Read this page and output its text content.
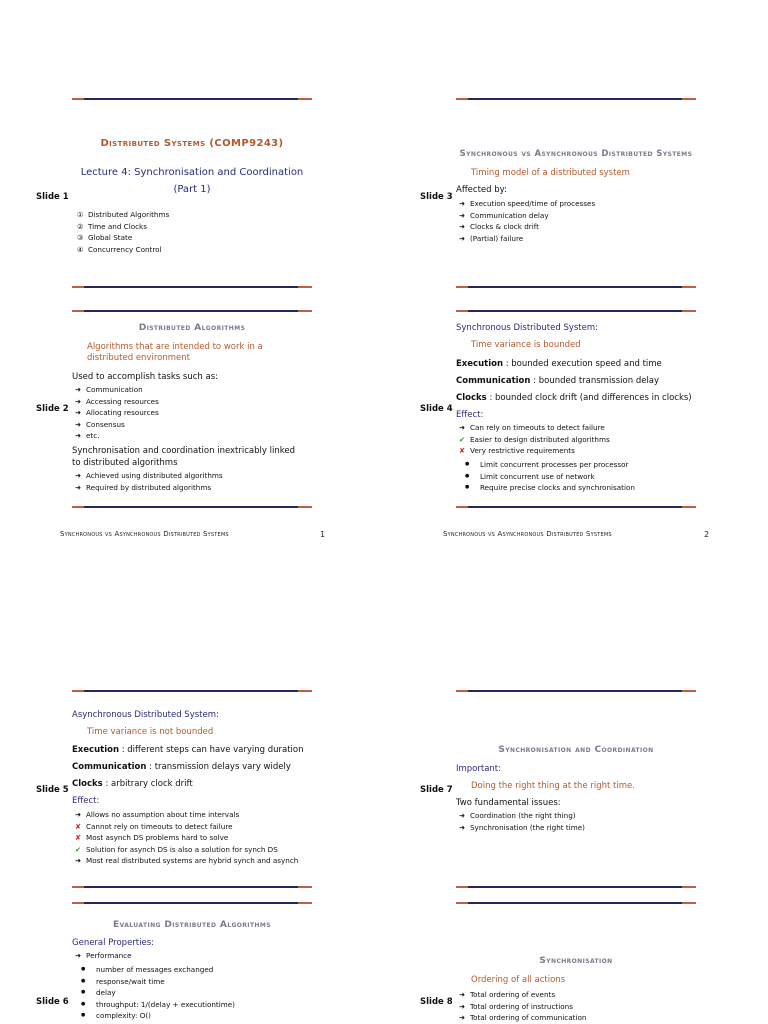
Slide 1
Distributed Systems (COMP9243)
Lecture 4: Synchronisation and Coordination
(Part 1)
① Distributed Algorithms
② Time and Clocks
③ Global State
④ Concurrency Control
Slide 2
Distributed Algorithms
Algorithms that are intended to work in a distributed environment
Used to accomplish tasks such as:
➜ Communication
➜ Accessing resources
➜ Allocating resources
➜ Consensus
➜ etc.
Synchronisation and coordination inextricably linked to distributed algorithms
➜ Achieved using distributed algorithms
➜ Required by distributed algorithms
Slide 3
Synchronous vs Asynchronous Distributed Systems
Timing model of a distributed system
Affected by:
➜ Execution speed/time of processes
➜ Communication delay
➜ Clocks & clock drift
➜ (Partial) failure
Slide 4
Synchronous Distributed System:
Time variance is bounded
Execution : bounded execution speed and time
Communication : bounded transmission delay
Clocks : bounded clock drift (and differences in clocks)
Effect:
➜ Can rely on timeouts to detect failure
✔ Easier to design distributed algorithms
✘ Very restrictive requirements
● Limit concurrent processes per processor
● Limit concurrent use of network
● Require precise clocks and synchronisation
Synchronous vs Asynchronous Distributed Systems	1	Synchronous vs Asynchronous Distributed Systems	2
Slide 5
Asynchronous Distributed System:
Time variance is not bounded
Execution : different steps can have varying duration
Communication : transmission delays vary widely
Clocks : arbitrary clock drift
Effect:
➜ Allows no assumption about time intervals
✘ Cannot rely on timeouts to detect failure
✘ Most asynch DS problems hard to solve
✔ Solution for asynch DS is also a solution for synch DS
➜ Most real distributed systems are hybrid synch and asynch
Slide 6
Evaluating Distributed Algorithms
General Properties:
➜ Performance
● number of messages exchanged
● response/wait time
● delay
● throughput: 1/(delay + executiontime)
● complexity: O()
Slide 7
Synchronisation and Coordination
Important:
Doing the right thing at the right time.
Two fundamental issues:
➜ Coordination (the right thing)
➜ Synchronisation (the right time)
Slide 8
Synchronisation
Ordering of all actions
➜ Total ordering of events
➜ Total ordering of instructions
➜ Total ordering of communication
